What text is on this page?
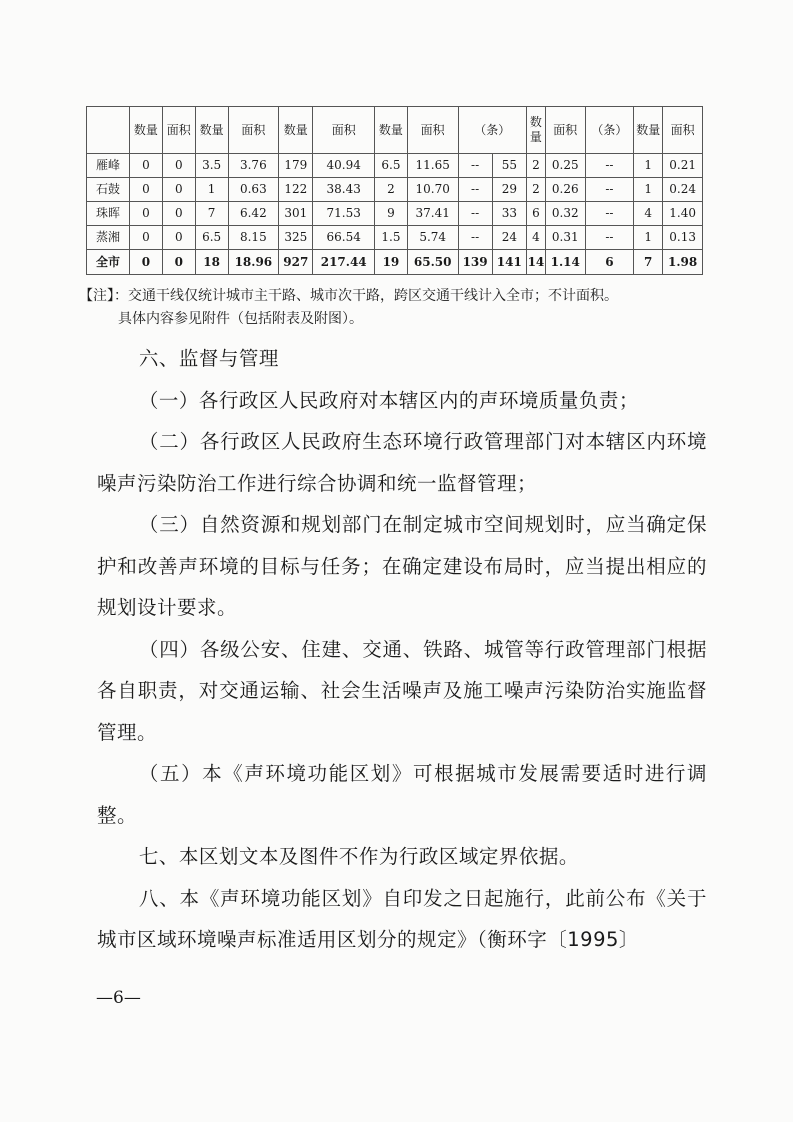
	数量	面积	数量	面积	数量	面积	数量	面积	（条）		数量	面积	（条）	数量	面积
雁峰	0	0	3.5	3.76	179	40.94	6.5	11.65	--	55	2	0.25	--	1	0.21
石鼓	0	0	1	0.63	122	38.43	2	10.70	--	29	2	0.26	--	1	0.24
珠晖	0	0	7	6.42	301	71.53	9	37.41	--	33	6	0.32	--	4	1.40
蒸湘	0	0	6.5	8.15	325	66.54	1.5	5.74	--	24	4	0.31	--	1	0.13
全市	0	0	18	18.96	927	217.44	19	65.50	139	141	14	1.14	6	7	1.98
【注】：交通干线仅统计城市主干路、城市次干路，跨区交通干线计入全市；不计面积。
具体内容参见附件（包括附表及附图）。

六、监督与管理

（一）各行政区人民政府对本辖区内的声环境质量负责；

（二）各行政区人民政府生态环境行政管理部门对本辖区内环境噪声污染防治工作进行综合协调和统一监督管理；

（三）自然资源和规划部门在制定城市空间规划时，应当确定保护和改善声环境的目标与任务；在确定建设布局时，应当提出相应的规划设计要求。

（四）各级公安、住建、交通、铁路、城管等行政管理部门根据各自职责，对交通运输、社会生活噪声及施工噪声污染防治实施监督管理。

（五）本《声环境功能区划》可根据城市发展需要适时进行调整。

七、本区划文本及图件不作为行政区域定界依据。

八、本《声环境功能区划》自印发之日起施行，此前公布《关于城市区域环境噪声标准适用区划分的规定》（衡环字〔1995〕

—6—
